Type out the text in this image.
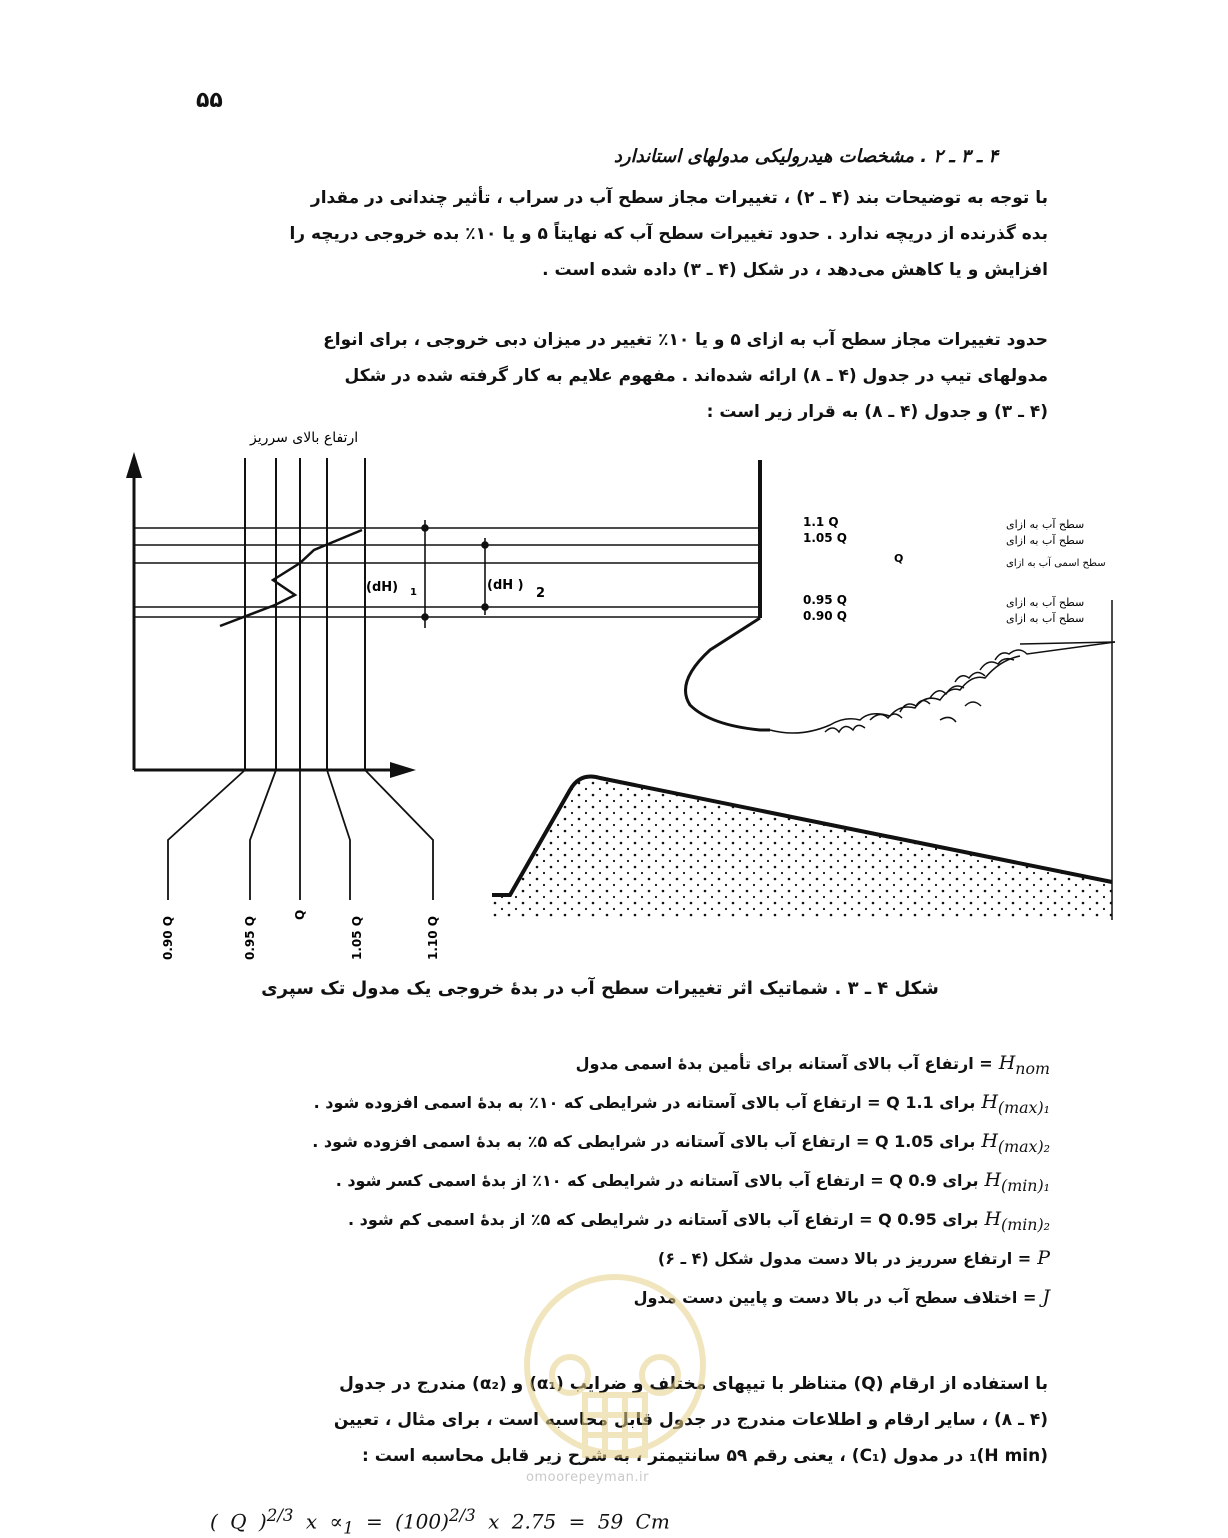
۵۵
۴ ـ ۳ ـ ۲ . مشخصات هیدرولیکی مدولهای استاندارد
با توجه به توضیحات بند (۴ ـ ۲) ، تغییرات مجاز سطح آب در سراب ، تأثیر چندانی در مقدار
بده گذرنده از دریچه ندارد . حدود تغییرات سطح آب که نهایتاً ۵ و یا ۱۰٪ بده خروجی دریچه را
افزایش و یا کاهش می‌دهد ، در شکل (۴ ـ ۳) داده شده است .
حدود تغییرات مجاز سطح آب به ازای ۵ و یا ۱۰٪ تغییر در میزان دبی خروجی ، برای انواع
مدولهای تیپ در جدول (۴ ـ ۸) ارائه شده‌اند . مفهوم علایم به کار گرفته شده در شکل
(۴ ـ ۳) و جدول (۴ ـ ۸) به قرار زیر است :
ارتفاع بالای سرریز
(dH) 1	(dH )
2
1.1 Q	سطح آب به ازای
1.05 Q	سطح آب به ازای
Q	سطح اسمی آب به ازای
0.95 Q	سطح آب به ازای
0.90 Q	سطح آب به ازای
0.90 Q	0.95 Q
Q
1.05 Q	1.10 Q
شکل ۴ ـ ۳ . شماتیک اثر تغییرات سطح آب در بدهٔ خروجی یک مدول تک سپری
$H_{nom}$
= ارتفاع آب بالای آستانه برای تأمین بدهٔ اسمی مدول
$H_{(max)_1}$
برای 1.1 Q = ارتفاع آب بالای آستانه در شرایطی که ۱۰٪ به بدهٔ اسمی افزوده شود .
$H_{(max)_2}$
برای 1.05 Q = ارتفاع آب بالای آستانه در شرایطی که ۵٪ به بدهٔ اسمی افزوده شود .
$H_{(min)_1}$
برای 0.9 Q = ارتفاع آب بالای آستانه در شرایطی که ۱۰٪ از بدهٔ اسمی کسر شود .
$H_{(min)_2}$
برای 0.95 Q = ارتفاع آب بالای آستانه در شرایطی که ۵٪ از بدهٔ اسمی کم شود .
P
= ارتفاع سرریز در بالا دست مدول شکل (۴ ـ ۶)
J
= اختلاف سطح آب در بالا دست و پایین دست مدول
با استفاده از ارقام (Q) متناظر با تیپهای مختلف و ضرایب (α₁) و (α₂) مندرج در جدول
(۴ ـ ۸) ، سایر ارقام و اطلاعات مندرج در جدول قابل محاسبه است ، برای مثال ، تعیین
(H min)₁ در مدول (C₁) ، یعنی رقم ۵۹ سانتیمتر ، به شرح زیر قابل محاسبه است :
( Q )$^{2/3}$ $x \propto_1 = (100)^{2/3}$ x 2.75 = 59 Cm
omoorepeyman.ir
